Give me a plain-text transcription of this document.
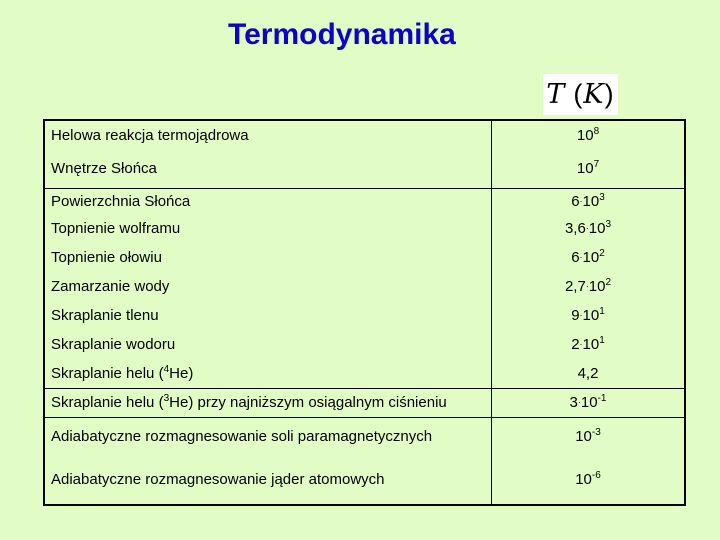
Termodynamika
T ( K )
Helowa reakcja termojądrowa	$10^8$
Wnętrze Słońca	$10^7$
Powierzchnia Słońca	$6\cdot 10^3$
Topnienie wolframu	$3,6\cdot 10^3$
Topnienie ołowiu	$6\cdot 10^2$
Zamarzanie wody	$2,7\cdot 10^2$
Skraplanie tlenu	$9\cdot 10^1$
Skraplanie wodoru	$2\cdot 10^1$
Skraplanie helu ($^4$He)	4,2
Skraplanie helu ($^3$He) przy najniższym osiągalnym ciśnieniu	$3\cdot 10^{-1}$
Adiabatyczne rozmagnesowanie soli paramagnetycznych	$10^{-3}$
Adiabatyczne rozmagnesowanie jąder atomowych	$10^{-6}$
